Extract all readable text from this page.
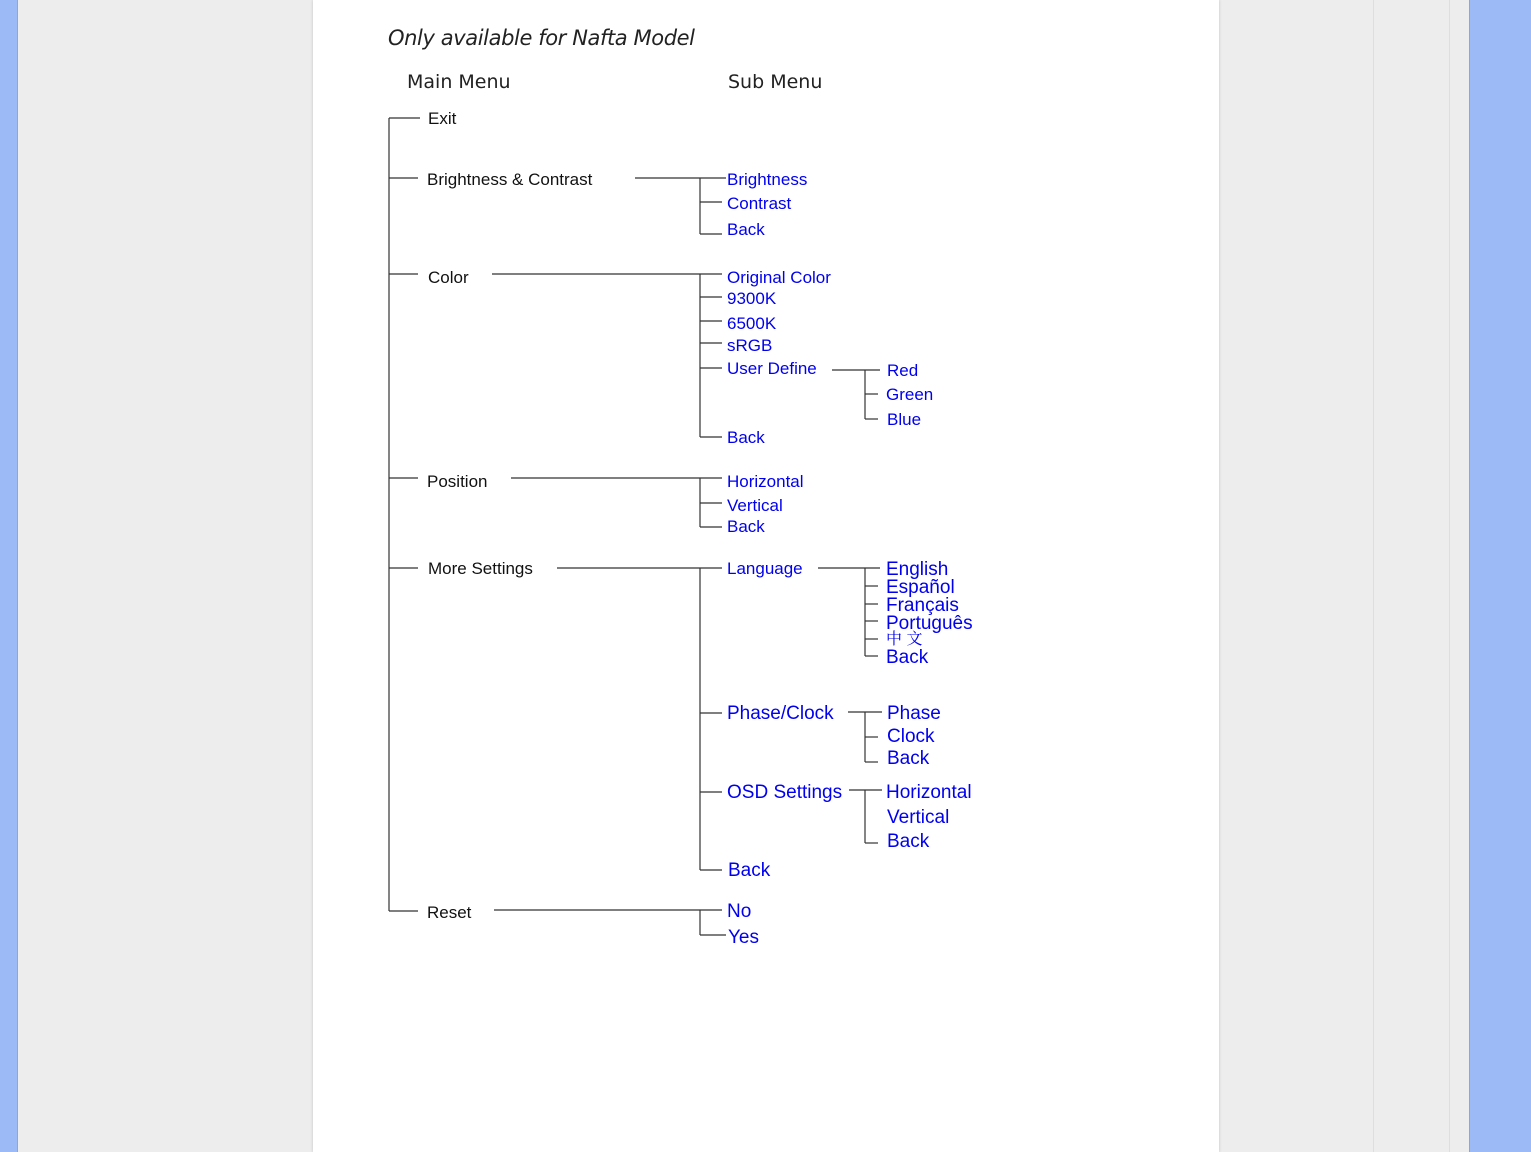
Only available for Nafta Model
Main Menu	Sub Menu
Exit
Brightness & Contrast
Color
Position
More Settings
Reset
Brightness
Contrast
Back
Original Color
9300K
6500K
sRGB
User Define
Back
Red
Green
Blue
Horizontal
Vertical
Back
Language
Phase/Clock
OSD Settings
Back
English
Español
Français
Português
中 文
Back
Phase
Clock
Back
Horizontal
Vertical
Back
No
Yes
